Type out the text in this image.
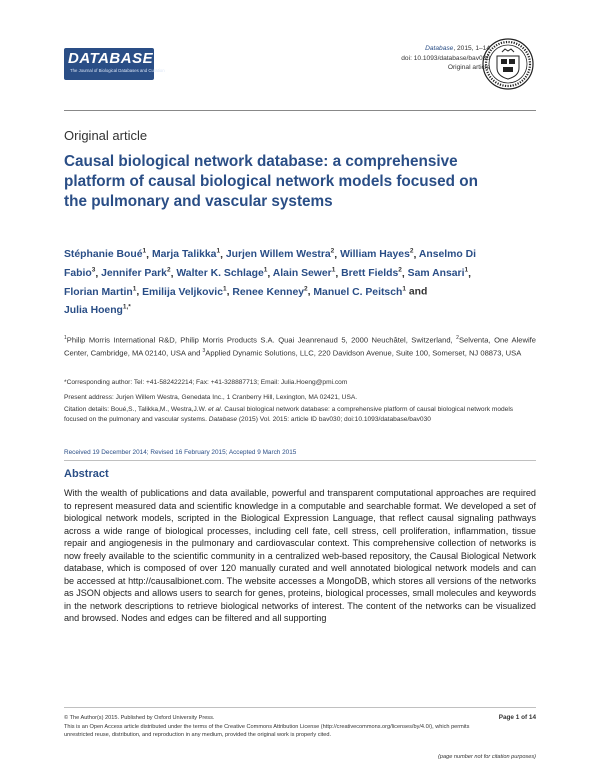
DATABASE
The Journal of Biological Databases and Curation
Database, 2015, 1–14
doi: 10.1093/database/bav030
Original article
Original article
Causal biological network database: a comprehensive platform of causal biological network models focused on the pulmonary and vascular systems
Stéphanie Boué$^1$, Marja Talikka$^1$, Jurjen Willem Westra$^2$, William Hayes$^2$, Anselmo Di Fabio$^3$, Jennifer Park$^2$, Walter K. Schlage$^1$, Alain Sewer$^1$, Brett Fields$^2$, Sam Ansari$^1$, Florian Martin$^1$, Emilija Veljkovic$^1$, Renee Kenney$^2$, Manuel C. Peitsch$^1$ and
Julia Hoeng$^{1,*}$
$^1$Philip Morris International R&D, Philip Morris Products S.A. Quai Jeanrenaud 5, 2000 Neuchâtel, Switzerland, $^2$Selventa, One Alewife Center, Cambridge, MA 02140, USA and $^3$Applied Dynamic Solutions, LLC, 220 Davidson Avenue, Suite 100, Somerset, NJ 08873, USA
*Corresponding author: Tel: +41-582422214; Fax: +41-328887713; Email: Julia.Hoeng@pmi.com
Present address: Jurjen Willem Westra, Genedata Inc., 1 Cranberry Hill, Lexington, MA 02421, USA.
Citation details: Boué,S., Talikka,M., Westra,J.W. et al. Causal biological network database: a comprehensive platform of causal biological network models focused on the pulmonary and vascular systems. Database (2015) Vol. 2015: article ID bav030; doi:10.1093/database/bav030
Received 19 December 2014; Revised 16 February 2015; Accepted 9 March 2015
Abstract
With the wealth of publications and data available, powerful and transparent computational approaches are required to represent measured data and scientific knowledge in a computable and searchable format. We developed a set of biological network models, scripted in the Biological Expression Language, that reflect causal signaling pathways across a wide range of biological processes, including cell fate, cell stress, cell proliferation, inflammation, tissue repair and angiogenesis in the pulmonary and cardiovascular context. This comprehensive collection of networks is now freely available to the scientific community in a centralized web-based repository, the Causal Biological Network database, which is composed of over 120 manually curated and well annotated biological network models and can be accessed at http://causalbionet.com. The website accesses a MongoDB, which stores all versions of the networks as JSON objects and allows users to search for genes, proteins, biological processes, small molecules and keywords in the network descriptions to retrieve biological networks of interest. The content of the networks can be visualized and browsed. Nodes and edges can be filtered and all supporting
© The Author(s) 2015. Published by Oxford University Press.
This is an Open Access article distributed under the terms of the Creative Commons Attribution License (http://creativecommons.org/licenses/by/4.0/), which permits unrestricted reuse, distribution, and reproduction in any medium, provided the original work is properly cited.
Page 1 of 14
(page number not for citation purposes)
